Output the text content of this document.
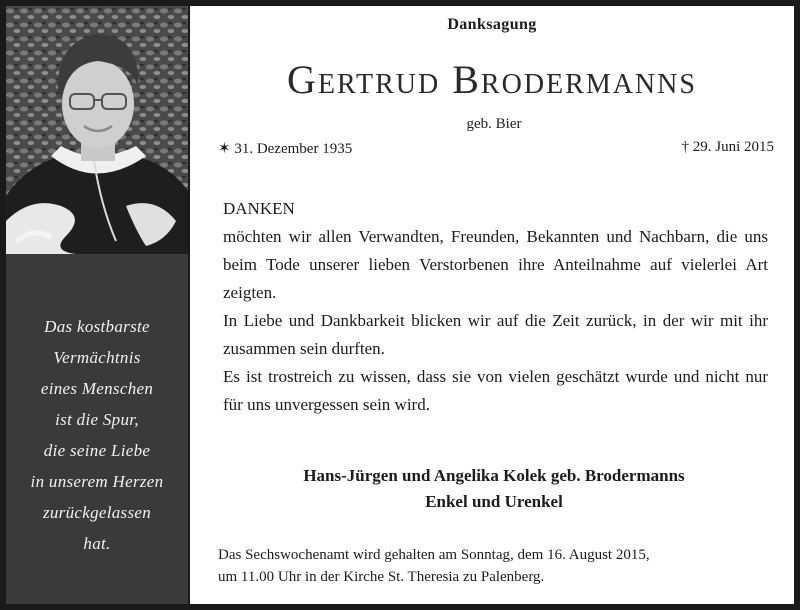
Das kostbarste
Vermächtnis
eines Menschen
ist die Spur,
die seine Liebe
in unserem Herzen
zurückgelassen
hat.
Danksagung
Gertrud Brodermanns
geb. Bier
✶ 31. Dezember 1935	† 29. Juni 2015

DANKEN

möchten wir allen Verwandten, Freunden, Bekannten und Nachbarn, die uns beim Tode unserer lieben Verstorbenen ihre Anteilnahme auf vielerlei Art zeigten.

In Liebe und Dankbarkeit blicken wir auf die Zeit zurück, in der wir mit ihr zusammen sein durften.

Es ist trostreich zu wissen, dass sie von vielen geschätzt wurde und nicht nur für uns unvergessen sein wird.

Hans-Jürgen und Angelika Kolek geb. Brodermanns
Enkel und Urenkel

Das Sechswochenamt wird gehalten am Sonntag, dem 16. August 2015,

um 11.00 Uhr in der Kirche St. Theresia zu Palenberg.
